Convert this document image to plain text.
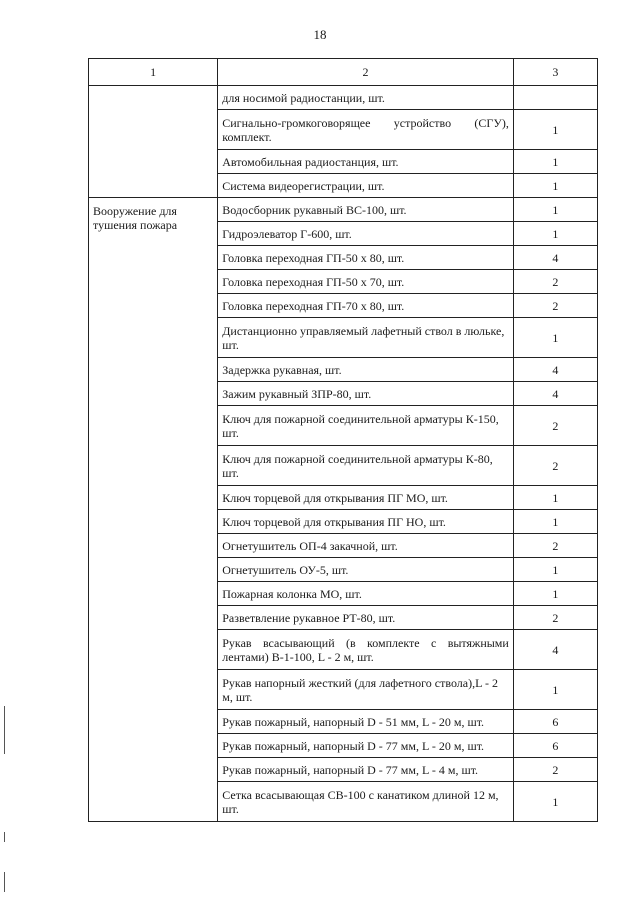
18
1	2	3

	для носимой радиостанции, шт.	

	Сигнально-громкоговорящее устройство (СГУ), комплект.	1

	Автомобильная радиостанция, шт.	1

	Система видеорегистрации, шт.	1
Вооружение для тушения пожара	Водосборник рукавный ВС-100, шт.	1

	Гидроэлеватор Г-600, шт.	1

	Головка переходная ГП-50 х 80, шт.	4

	Головка переходная ГП-50 х 70, шт.	2

	Головка переходная ГП-70 х 80, шт.	2

	Дистанционно управляемый лафетный ствол в люльке, шт.	1

	Задержка рукавная, шт.	4

	Зажим рукавный ЗПР-80, шт.	4

	Ключ для пожарной соединительной арматуры К-150, шт.	2

	Ключ для пожарной соединительной арматуры К-80, шт.	2

	Ключ торцевой для открывания ПГ МО, шт.	1

	Ключ торцевой для открывания ПГ НО, шт.	1

	Огнетушитель ОП-4 закачной, шт.	2

	Огнетушитель ОУ-5, шт.	1

	Пожарная колонка МО, шт.	1

	Разветвление рукавное РТ-80, шт.	2

	Рукав всасывающий (в комплекте с вытяжными лентами) В-1-100, L - 2 м, шт.	4

	Рукав напорный жесткий (для лафетного ствола),L - 2 м, шт.	1

	Рукав пожарный, напорный D - 51 мм, L - 20 м, шт.	6

	Рукав пожарный, напорный D - 77 мм, L - 20 м, шт.	6

	Рукав пожарный, напорный D - 77 мм, L - 4 м, шт.	2

	Сетка всасывающая СВ-100 с канатиком длиной 12 м, шт.	1
